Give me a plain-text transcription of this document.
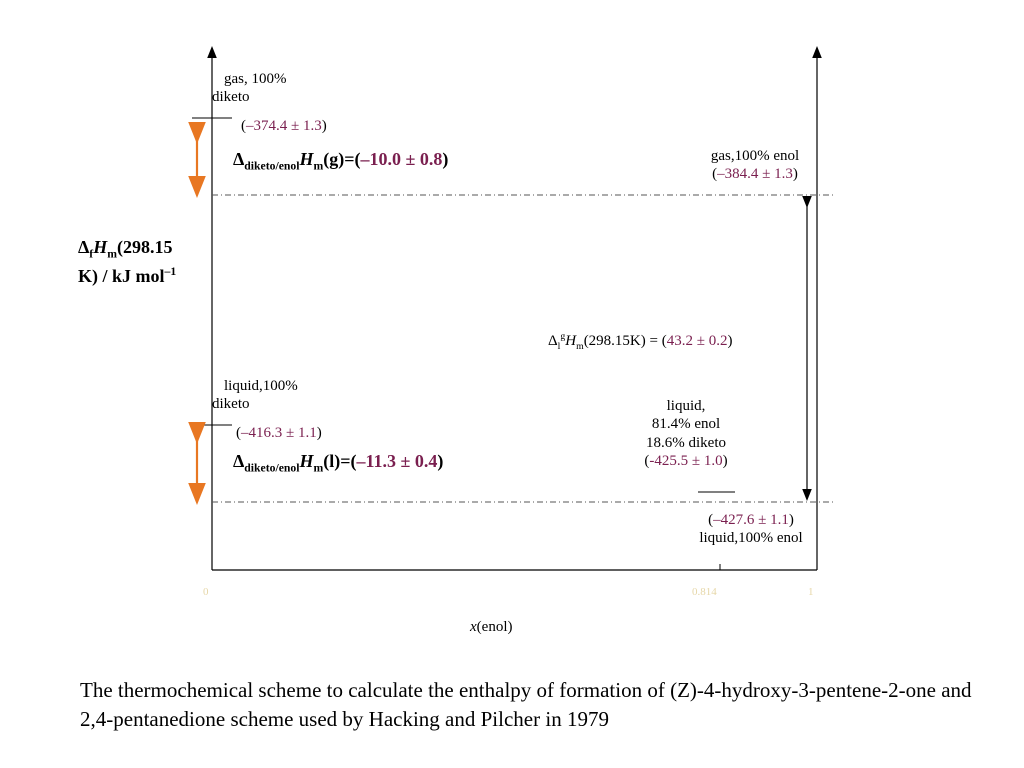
$\Delta_fH_m(298.15$
K) / kJ mol$^{-1}$
gas, 100%
diketo
(–374.4 ± 1.3)
$\Delta_{diketo/enol}H_m(g)=(-10.0 \pm 0.8)$	gas,100% enol
(–384.4 ± 1.3)
$\Delta_l^gH_m(298.15K) = (43.2 \pm 0.2)$
liquid,100%
diketo
(–416.3 ± 1.1)
$\Delta_{diketo/enol}H_m(l)=(-11.3 \pm 0.4)$
liquid,
81.4% enol
18.6% diketo
(-425.5 ± 1.0)
(–427.6 ± 1.1)
liquid,100% enol
0	0.814	1
x(enol)
The thermochemical scheme to calculate the enthalpy of formation of (Z)-4-hydroxy-3-pentene-2-one and 2,4-pentanedione scheme used by Hacking and Pilcher in 1979
